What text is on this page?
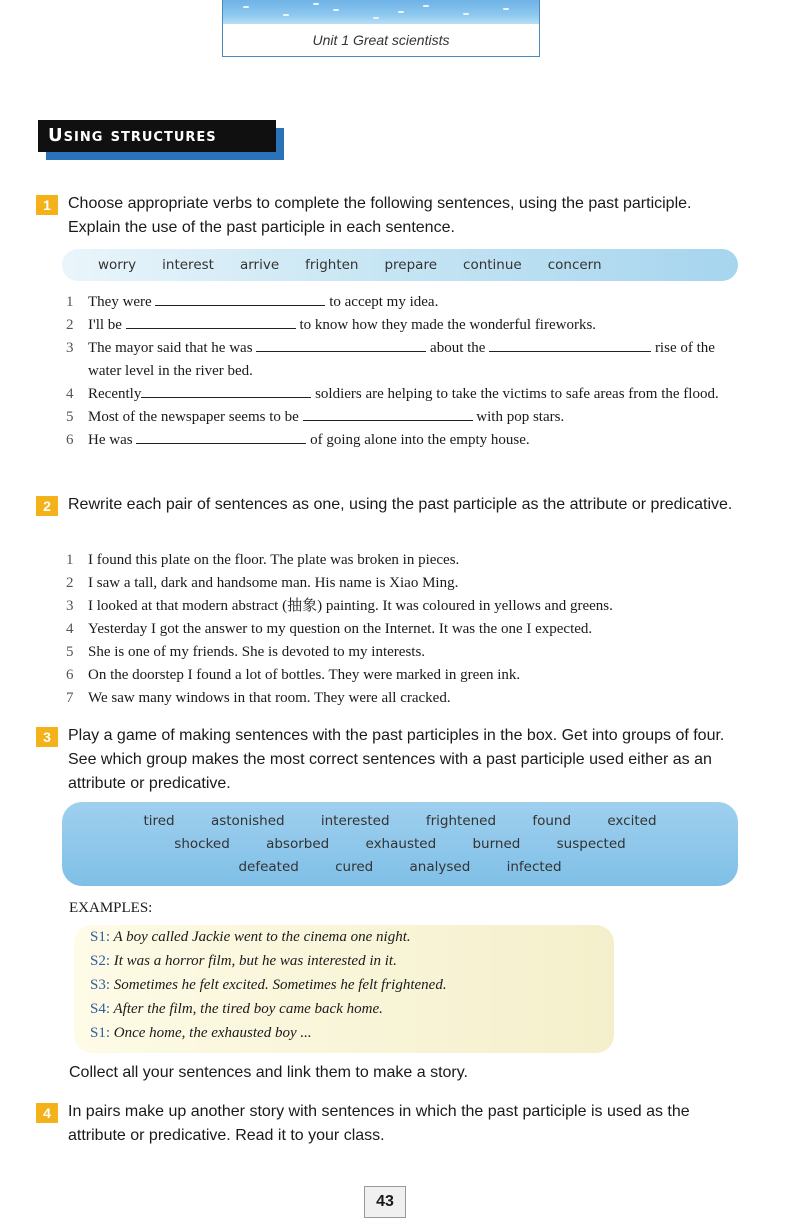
Unit 1 Great scientists
Using structures
1	Choose appropriate verbs to complete the following sentences, using the past participle. Explain the use of the past participle in each sentence.
worry interest arrive frighten prepare continue concern
1 They were	to accept my idea.
2 I'll be	to know how they made the wonderful fireworks.
3 The mayor said that he was	about the	rise of the water level in the river bed.
4 Recently	soldiers are helping to take the victims to safe areas from the flood.
5 Most of the newspaper seems to be	with pop stars.
6 He was	of going alone into the empty house.
2	Rewrite each pair of sentences as one, using the past participle as the attribute or predicative.
1 I found this plate on the floor. The plate was broken in pieces.
2 I saw a tall, dark and handsome man. His name is Xiao Ming.
3 I looked at that modern abstract (抽象) painting. It was coloured in yellows and greens.
4 Yesterday I got the answer to my question on the Internet. It was the one I expected.
5 She is one of my friends. She is devoted to my interests.
6 On the doorstep I found a lot of bottles. They were marked in green ink.
7 We saw many windows in that room. They were all cracked.
3	Play a game of making sentences with the past participles in the box. Get into groups of four. See which group makes the most correct sentences with a past participle used either as an attribute or predicative.
tired	astonished	interested	frightened	found	excited
shocked	absorbed	exhausted	burned	suspected
defeated	cured	analysed	infected
EXAMPLES:
S1: A boy called Jackie went to the cinema one night.
S2: It was a horror film, but he was interested in it.
S3: Sometimes he felt excited. Sometimes he felt frightened.
S4: After the film, the tired boy came back home.
S1: Once home, the exhausted boy ...
Collect all your sentences and link them to make a story.
4	In pairs make up another story with sentences in which the past participle is used as the attribute or predicative. Read it to your class.
43
